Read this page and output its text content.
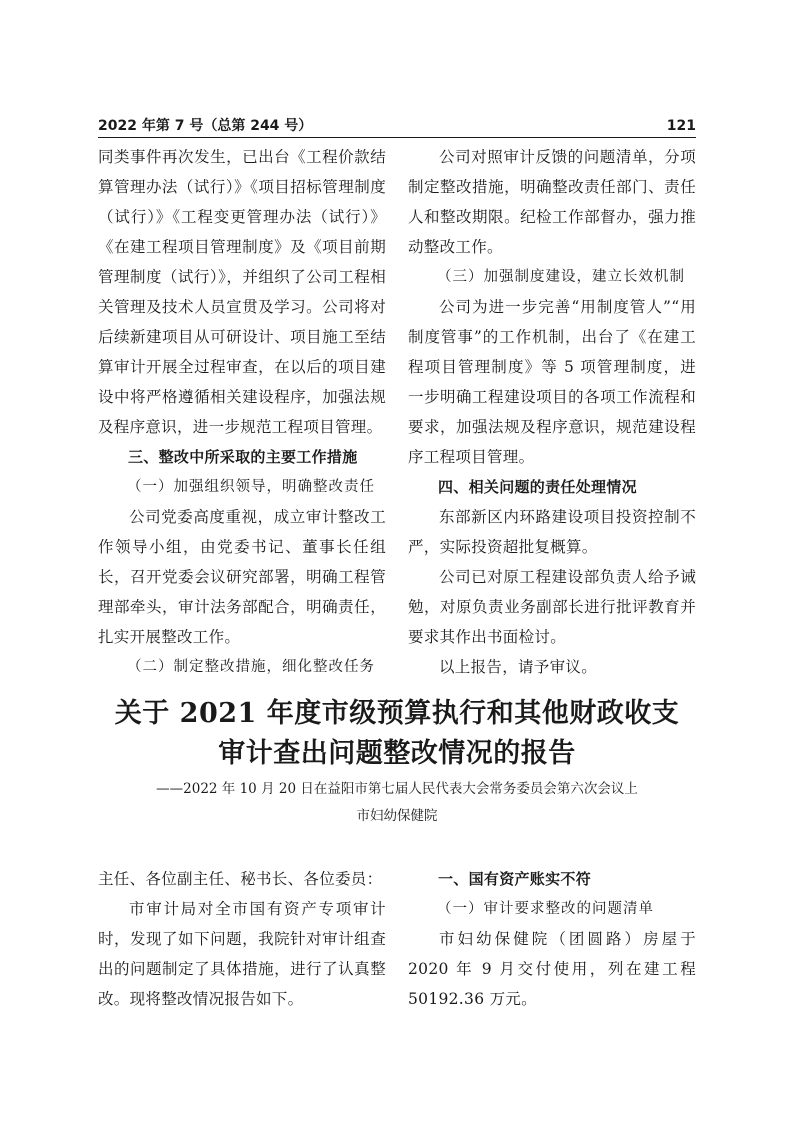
2022 年第 7 号（总第 244 号）	121

同类事件再次发生，已出台《工程价款结算管理办法（试行）》《项目招标管理制度（试行）》《工程变更管理办法（试行）》《在建工程项目管理制度》及《项目前期管理制度（试行）》，并组织了公司工程相关管理及技术人员宣贯及学习。公司将对后续新建项目从可研设计、项目施工至结算审计开展全过程审查，在以后的项目建设中将严格遵循相关建设程序，加强法规及程序意识，进一步规范工程项目管理。

三、整改中所采取的主要工作措施

（一）加强组织领导，明确整改责任

公司党委高度重视，成立审计整改工作领导小组，由党委书记、董事长任组长，召开党委会议研究部署，明确工程管理部牵头，审计法务部配合，明确责任，扎实开展整改工作。

（二）制定整改措施，细化整改任务

公司对照审计反馈的问题清单，分项制定整改措施，明确整改责任部门、责任人和整改期限。纪检工作部督办，强力推动整改工作。

（三）加强制度建设，建立长效机制

公司为进一步完善“用制度管人”“用制度管事”的工作机制，出台了《在建工程项目管理制度》等 5 项管理制度，进一步明确工程建设项目的各项工作流程和要求，加强法规及程序意识，规范建设程序工程项目管理。

四、相关问题的责任处理情况

东部新区内环路建设项目投资控制不严，实际投资超批复概算。

公司已对原工程建设部负责人给予诫勉，对原负责业务副部长进行批评教育并要求其作出书面检讨。

以上报告，请予审议。

关于 2021 年度市级预算执行和其他财政收支
审计查出问题整改情况的报告
——2022 年 10 月 20 日在益阳市第七届人民代表大会常务委员会第六次会议上
市妇幼保健院

主任、各位副主任、秘书长、各位委员：

市审计局对全市国有资产专项审计时，发现了如下问题，我院针对审计组查出的问题制定了具体措施，进行了认真整改。现将整改情况报告如下。

一、国有资产账实不符

（一）审计要求整改的问题清单

市妇幼保健院（团圆路）房屋于 2020 年 9 月交付使用，列在建工程 50192.36 万元。
